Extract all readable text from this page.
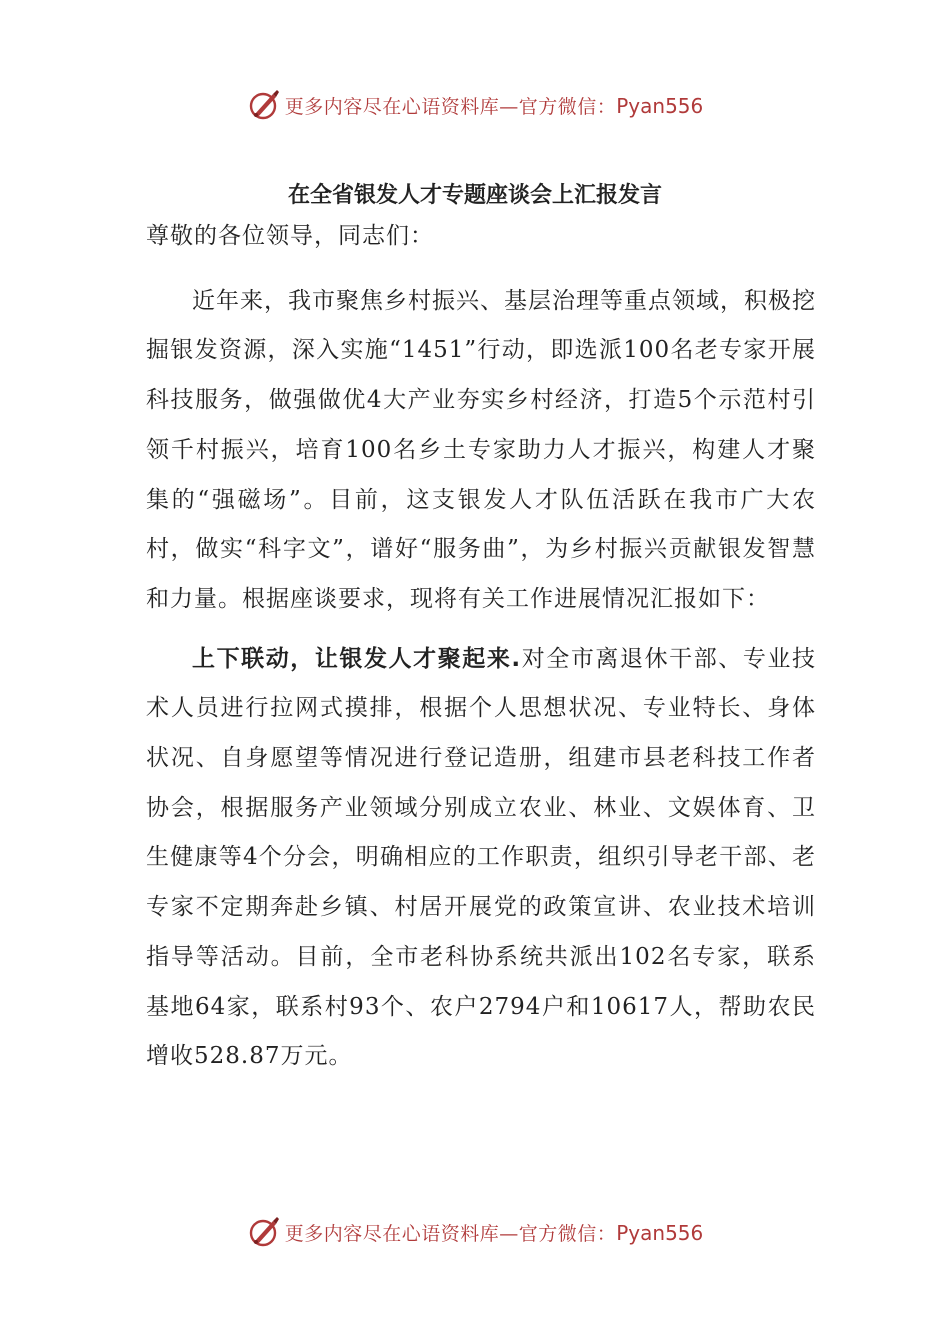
更多内容尽在心语资料库—官方微信：Pyan556
在全省银发人才专题座谈会上汇报发言

尊敬的各位领导，同志们：

近年来，我市聚焦乡村振兴、基层治理等重点领域，积极挖掘银发资源，深入实施“1451”行动，即选派100名老专家开展科技服务，做强做优4大产业夯实乡村经济，打造5个示范村引领千村振兴，培育100名乡土专家助力人才振兴，构建人才聚集的“强磁场”。目前，这支银发人才队伍活跃在我市广大农村，做实“科字文”，谱好“服务曲”，为乡村振兴贡献银发智慧和力量。根据座谈要求，现将有关工作进展情况汇报如下：

上下联动，让银发人才聚起来.对全市离退休干部、专业技术人员进行拉网式摸排，根据个人思想状况、专业特长、身体状况、自身愿望等情况进行登记造册，组建市县老科技工作者协会，根据服务产业领域分别成立农业、林业、文娱体育、卫生健康等4个分会，明确相应的工作职责，组织引导老干部、老专家不定期奔赴乡镇、村居开展党的政策宣讲、农业技术培训指导等活动。目前，全市老科协系统共派出102名专家，联系基地64家，联系村93个、农户2794户和10617人，帮助农民增收528.87万元。

更多内容尽在心语资料库—官方微信：Pyan556
